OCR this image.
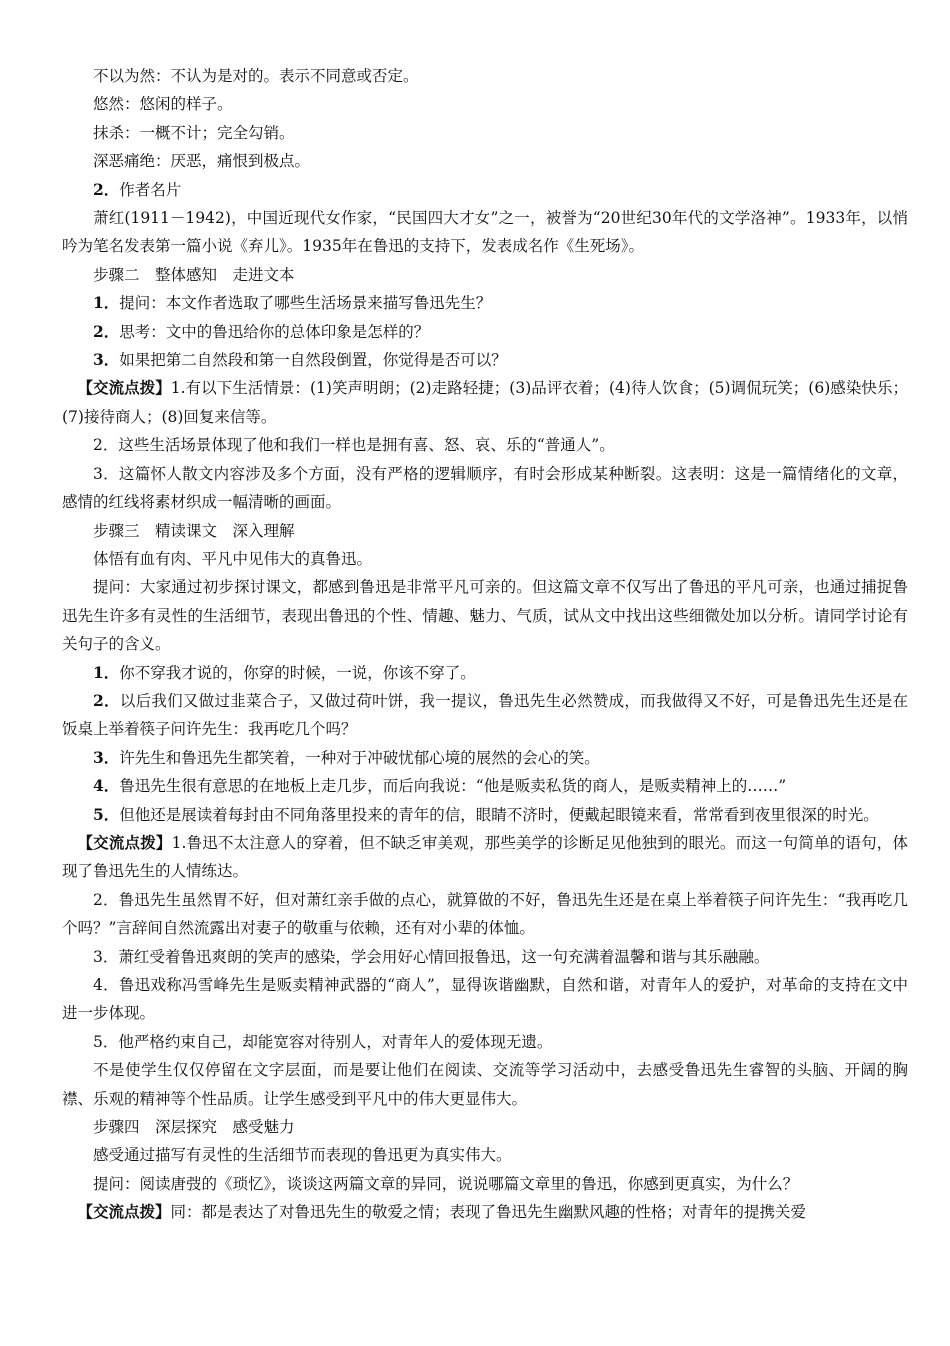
不以为然：不认为是对的。表示不同意或否定。

悠然：悠闲的样子。

抹杀：一概不计；完全勾销。

深恶痛绝：厌恶，痛恨到极点。

2．作者名片

萧红(1911－1942)，中国近现代女作家，“民国四大才女”之一，被誉为“20世纪30年代的文学洛神”。1933年，以悄吟为笔名发表第一篇小说《弃儿》。1935年在鲁迅的支持下，发表成名作《生死场》。

步骤二　整体感知　走进文本

1．提问：本文作者选取了哪些生活场景来描写鲁迅先生？

2．思考：文中的鲁迅给你的总体印象是怎样的？

3．如果把第二自然段和第一自然段倒置，你觉得是否可以？

【交流点拨】1.有以下生活情景：(1)笑声明朗；(2)走路轻捷；(3)品评衣着；(4)待人饮食；(5)调侃玩笑；(6)感染快乐；(7)接待商人；(8)回复来信等。

2．这些生活场景体现了他和我们一样也是拥有喜、怒、哀、乐的“普通人”。

3．这篇怀人散文内容涉及多个方面，没有严格的逻辑顺序，有时会形成某种断裂。这表明：这是一篇情绪化的文章，感情的红线将素材织成一幅清晰的画面。

步骤三　精读课文　深入理解

体悟有血有肉、平凡中见伟大的真鲁迅。

提问：大家通过初步探讨课文，都感到鲁迅是非常平凡可亲的。但这篇文章不仅写出了鲁迅的平凡可亲，也通过捕捉鲁迅先生许多有灵性的生活细节，表现出鲁迅的个性、情趣、魅力、气质，试从文中找出这些细微处加以分析。请同学讨论有关句子的含义。

1．你不穿我才说的，你穿的时候，一说，你该不穿了。

2．以后我们又做过韭菜合子，又做过荷叶饼，我一提议，鲁迅先生必然赞成，而我做得又不好，可是鲁迅先生还是在饭桌上举着筷子问许先生：我再吃几个吗？

3．许先生和鲁迅先生都笑着，一种对于冲破忧郁心境的展然的会心的笑。

4．鲁迅先生很有意思的在地板上走几步，而后向我说：“他是贩卖私货的商人，是贩卖精神上的……”

5．但他还是展读着每封由不同角落里投来的青年的信，眼睛不济时，便戴起眼镜来看，常常看到夜里很深的时光。

【交流点拨】1.鲁迅不太注意人的穿着，但不缺乏审美观，那些美学的诊断足见他独到的眼光。而这一句简单的语句，体现了鲁迅先生的人情练达。

2．鲁迅先生虽然胃不好，但对萧红亲手做的点心，就算做的不好，鲁迅先生还是在桌上举着筷子问许先生：“我再吃几个吗？”言辞间自然流露出对妻子的敬重与依赖，还有对小辈的体恤。

3．萧红受着鲁迅爽朗的笑声的感染，学会用好心情回报鲁迅，这一句充满着温馨和谐与其乐融融。

4．鲁迅戏称冯雪峰先生是贩卖精神武器的“商人”，显得诙谐幽默，自然和谐，对青年人的爱护，对革命的支持在文中进一步体现。

5．他严格约束自己，却能宽容对待别人，对青年人的爱体现无遗。

不是使学生仅仅停留在文字层面，而是要让他们在阅读、交流等学习活动中，去感受鲁迅先生睿智的头脑、开阔的胸襟、乐观的精神等个性品质。让学生感受到平凡中的伟大更显伟大。

步骤四　深层探究　感受魅力

感受通过描写有灵性的生活细节而表现的鲁迅更为真实伟大。

提问：阅读唐弢的《琐忆》，谈谈这两篇文章的异同，说说哪篇文章里的鲁迅，你感到更真实，为什么？

【交流点拨】同：都是表达了对鲁迅先生的敬爱之情；表现了鲁迅先生幽默风趣的性格；对青年的提携关爱
